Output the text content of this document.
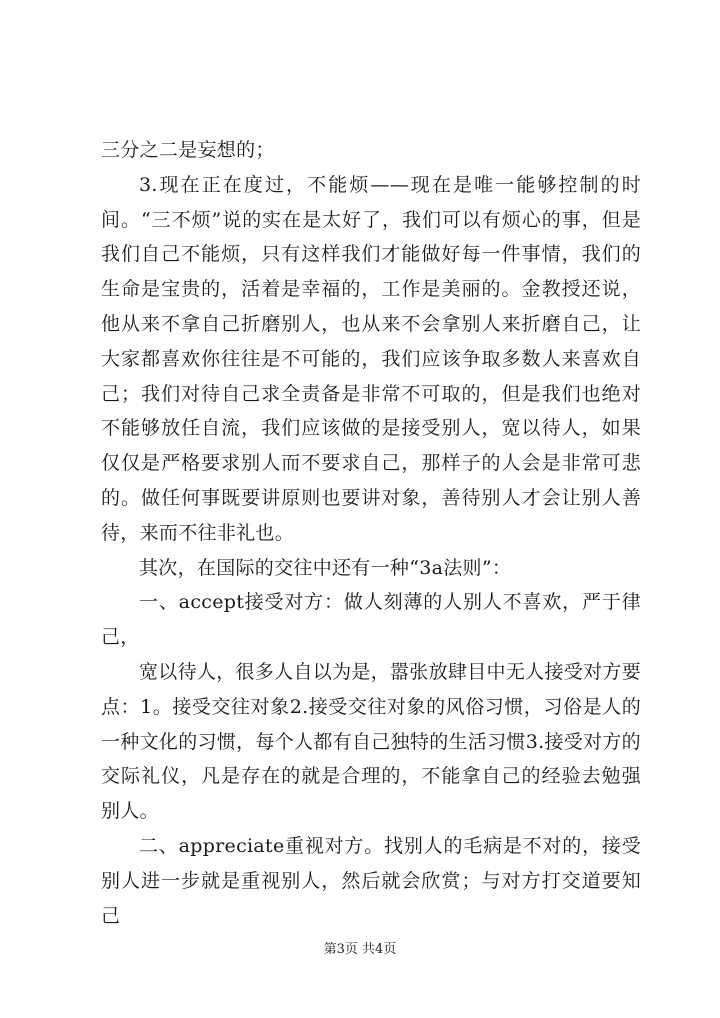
三分之二是妄想的；

3.现在正在度过，不能烦——现在是唯一能够控制的时间。“三不烦”说的实在是太好了，我们可以有烦心的事，但是我们自己不能烦，只有这样我们才能做好每一件事情，我们的生命是宝贵的，活着是幸福的，工作是美丽的。金教授还说，他从来不拿自己折磨别人，也从来不会拿别人来折磨自己，让大家都喜欢你往往是不可能的，我们应该争取多数人来喜欢自己；我们对待自己求全责备是非常不可取的，但是我们也绝对不能够放任自流，我们应该做的是接受别人，宽以待人，如果仅仅是严格要求别人而不要求自己，那样子的人会是非常可悲的。做任何事既要讲原则也要讲对象，善待别人才会让别人善待，来而不往非礼也。

其次，在国际的交往中还有一种“3a法则”：

一、accept接受对方：做人刻薄的人别人不喜欢，严于律己，

宽以待人，很多人自以为是，嚣张放肆目中无人接受对方要点：1。接受交往对象2.接受交往对象的风俗习惯，习俗是人的一种文化的习惯，每个人都有自己独特的生活习惯3.接受对方的交际礼仪，凡是存在的就是合理的，不能拿自己的经验去勉强别人。

二、appreciate重视对方。找别人的毛病是不对的，接受别人进一步就是重视别人，然后就会欣赏；与对方打交道要知己

第3页 共4页
